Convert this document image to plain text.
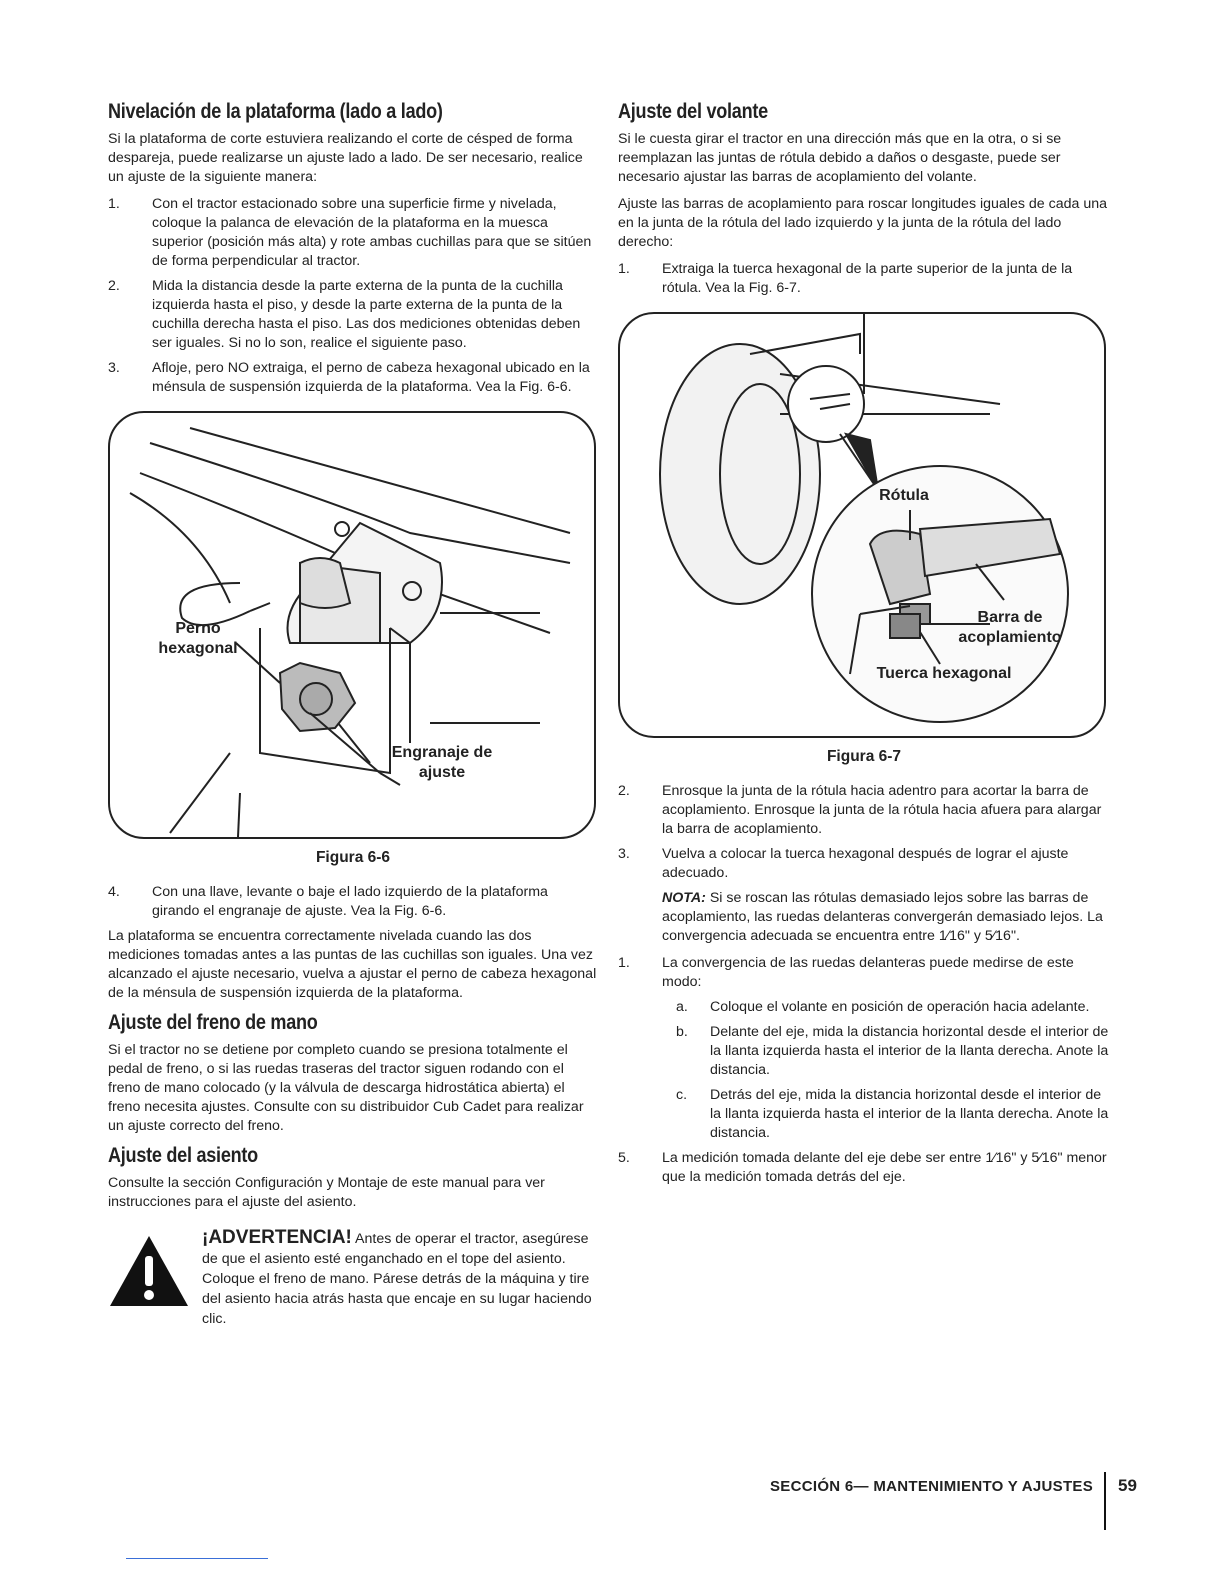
Nivelación de la plataforma (lado a lado)

Si la plataforma de corte estuviera realizando el corte de césped de forma despareja, puede realizarse un ajuste lado a lado. De ser necesario, realice un ajuste de la siguiente manera:

1. Con el tractor estacionado sobre una superficie firme y nivelada, coloque la palanca de elevación de la plataforma en la muesca superior (posición más alta) y rote ambas cuchillas para que se sitúen de forma perpendicular al tractor.
2. Mida la distancia desde la parte externa de la punta de la cuchilla izquierda hasta el piso, y desde la parte externa de la punta de la cuchilla derecha hasta el piso. Las dos mediciones obtenidas deben ser iguales. Si no lo son, realice el siguiente paso.
3. Afloje, pero NO extraiga, el perno de cabeza hexagonal ubicado en la ménsula de suspensión izquierda de la plataforma. Vea la Fig. 6-6.
Perno hexagonal
Engranaje de ajuste
Figura 6-6
4. Con una llave, levante o baje el lado izquierdo de la plataforma girando el engranaje de ajuste. Vea la Fig. 6-6.

La plataforma se encuentra correctamente nivelada cuando las dos mediciones tomadas antes a las puntas de las cuchillas son iguales. Una vez alcanzado el ajuste necesario, vuelva a ajustar el perno de cabeza hexagonal de la ménsula de suspensión izquierda de la plataforma.

Ajuste del freno de mano

Si el tractor no se detiene por completo cuando se presiona totalmente el pedal de freno, o si las ruedas traseras del tractor siguen rodando con el freno de mano colocado (y la válvula de descarga hidrostática abierta) el freno necesita ajustes. Consulte con su distribuidor Cub Cadet para realizar un ajuste correcto del freno.

Ajuste del asiento

Consulte la sección Configuración y Montaje de este manual para ver instrucciones para el ajuste del asiento.

¡ADVERTENCIA! Antes de operar el tractor, asegúrese de que el asiento esté enganchado en el tope del asiento. Coloque el freno de mano. Párese detrás de la máquina y tire del asiento hacia atrás hasta que encaje en su lugar haciendo clic.
Ajuste del volante

Si le cuesta girar el tractor en una dirección más que en la otra, o si se reemplazan las juntas de rótula debido a daños o desgaste, puede ser necesario ajustar las barras de acoplamiento del volante.

Ajuste las barras de acoplamiento para roscar longitudes iguales de cada una en la junta de la rótula del lado izquierdo y la junta de la rótula del lado derecho:

1. Extraiga la tuerca hexagonal de la parte superior de la junta de la rótula. Vea la Fig. 6-7.
Rótula
Barra de acoplamiento
Tuerca hexagonal
Figura 6-7
2. Enrosque la junta de la rótula hacia adentro para acortar la barra de acoplamiento. Enrosque la junta de la rótula hacia afuera para alargar la barra de acoplamiento.
3. Vuelva a colocar la tuerca hexagonal después de lograr el ajuste adecuado.
NOTA: Si se roscan las rótulas demasiado lejos sobre las barras de acoplamiento, las ruedas delanteras convergerán demasiado lejos. La convergencia adecuada se encuentra entre 1⁄16" y 5⁄16".
1. La convergencia de las ruedas delanteras puede medirse de este modo:
a. Coloque el volante en posición de operación hacia adelante.
b. Delante del eje, mida la distancia horizontal desde el interior de la llanta izquierda hasta el interior de la llanta derecha. Anote la distancia.
c. Detrás del eje, mida la distancia horizontal desde el interior de la llanta izquierda hasta el interior de la llanta derecha. Anote la distancia.
5. La medición tomada delante del eje debe ser entre 1⁄16" y 5⁄16" menor que la medición tomada detrás del eje.
SECCIÓN 6— MANTENIMIENTO Y AJUSTES 59
